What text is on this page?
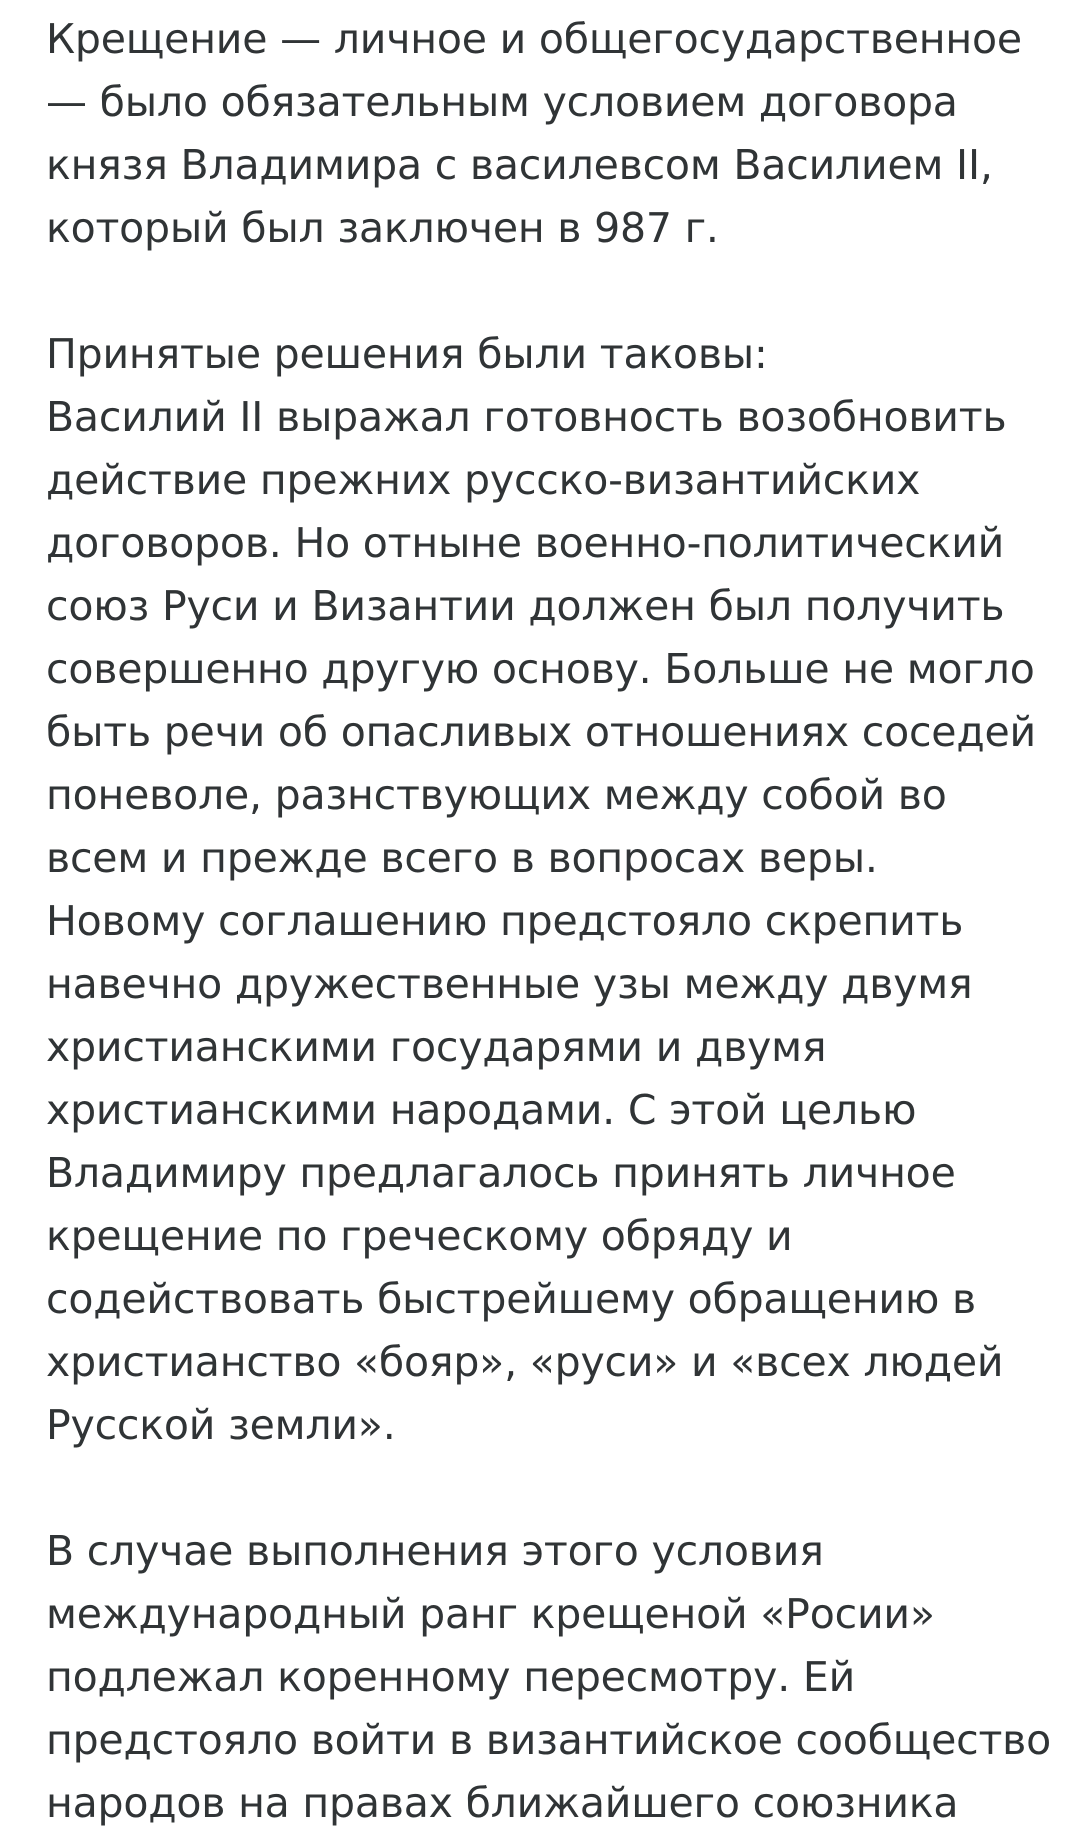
Крещение — личное и общегосударственное
— было обязательным условием договора
князя Владимира с василевсом Василием II,
который был заключен в 987 г.

Принятые решения были таковы:
Василий II выражал готовность возобновить
действие прежних русско-византийских
договоров. Но отныне военно-политический
союз Руси и Византии должен был получить
совершенно другую основу. Больше не могло
быть речи об опасливых отношениях соседей
поневоле, разнствующих между собой во
всем и прежде всего в вопросах веры.
Новому соглашению предстояло скрепить
навечно дружественные узы между двумя
христианскими государями и двумя
христианскими народами. С этой целью
Владимиру предлагалось принять личное
крещение по греческому обряду и
содействовать быстрейшему обращению в
христианство «бояр», «руси» и «всех людей
Русской земли».

В случае выполнения этого условия
международный ранг крещеной «Росии»
подлежал коренному пересмотру. Ей
предстояло войти в византийское сообщество
народов на правах ближайшего союзника
